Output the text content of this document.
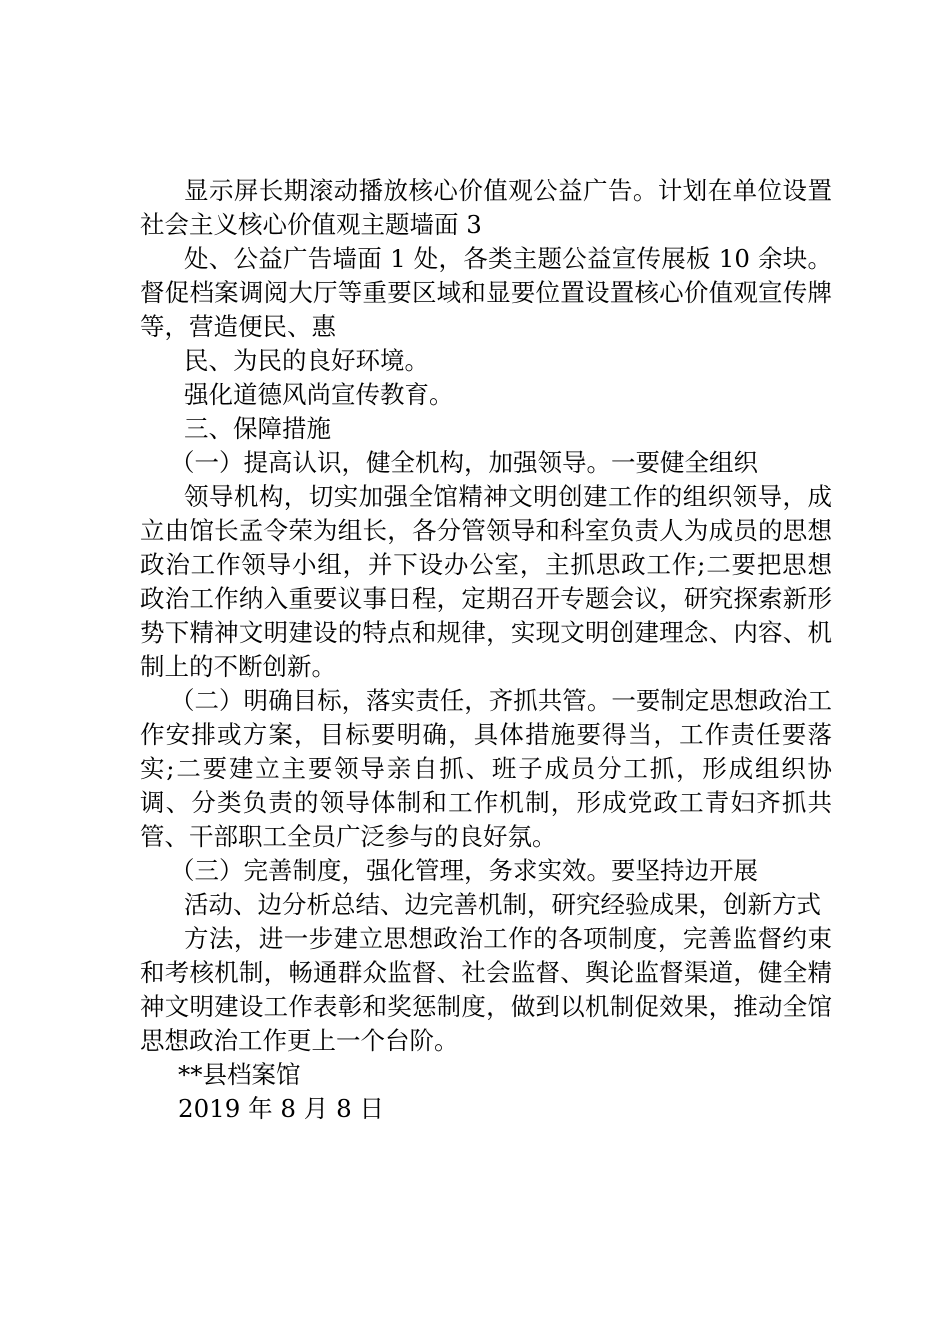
显示屏长期滚动播放核心价值观公益广告。计划在单位设置社会主义核心价值观主题墙面 3

处、公益广告墙面 1 处，各类主题公益宣传展板 10 余块。督促档案调阅大厅等重要区域和显要位置设置核心价值观宣传牌等，营造便民、惠

民、为民的良好环境。

强化道德风尚宣传教育。

三、保障措施

（一）提高认识，健全机构，加强领导。一要健全组织

领导机构，切实加强全馆精神文明创建工作的组织领导，成立由馆长孟令荣为组长，各分管领导和科室负责人为成员的思想政治工作领导小组，并下设办公室，主抓思政工作;二要把思想政治工作纳入重要议事日程，定期召开专题会议，研究探索新形势下精神文明建设的特点和规律，实现文明创建理念、内容、机制上的不断创新。

（二）明确目标，落实责任，齐抓共管。一要制定思想政治工作安排或方案，目标要明确，具体措施要得当，工作责任要落实;二要建立主要领导亲自抓、班子成员分工抓，形成组织协调、分类负责的领导体制和工作机制，形成党政工青妇齐抓共管、干部职工全员广泛参与的良好氛。

（三）完善制度，强化管理，务求实效。要坚持边开展

活动、边分析总结、边完善机制，研究经验成果，创新方式

方法，进一步建立思想政治工作的各项制度，完善监督约束和考核机制，畅通群众监督、社会监督、舆论监督渠道，健全精神文明建设工作表彰和奖惩制度，做到以机制促效果，推动全馆思想政治工作更上一个台阶。

**县档案馆

2019 年 8 月 8 日
